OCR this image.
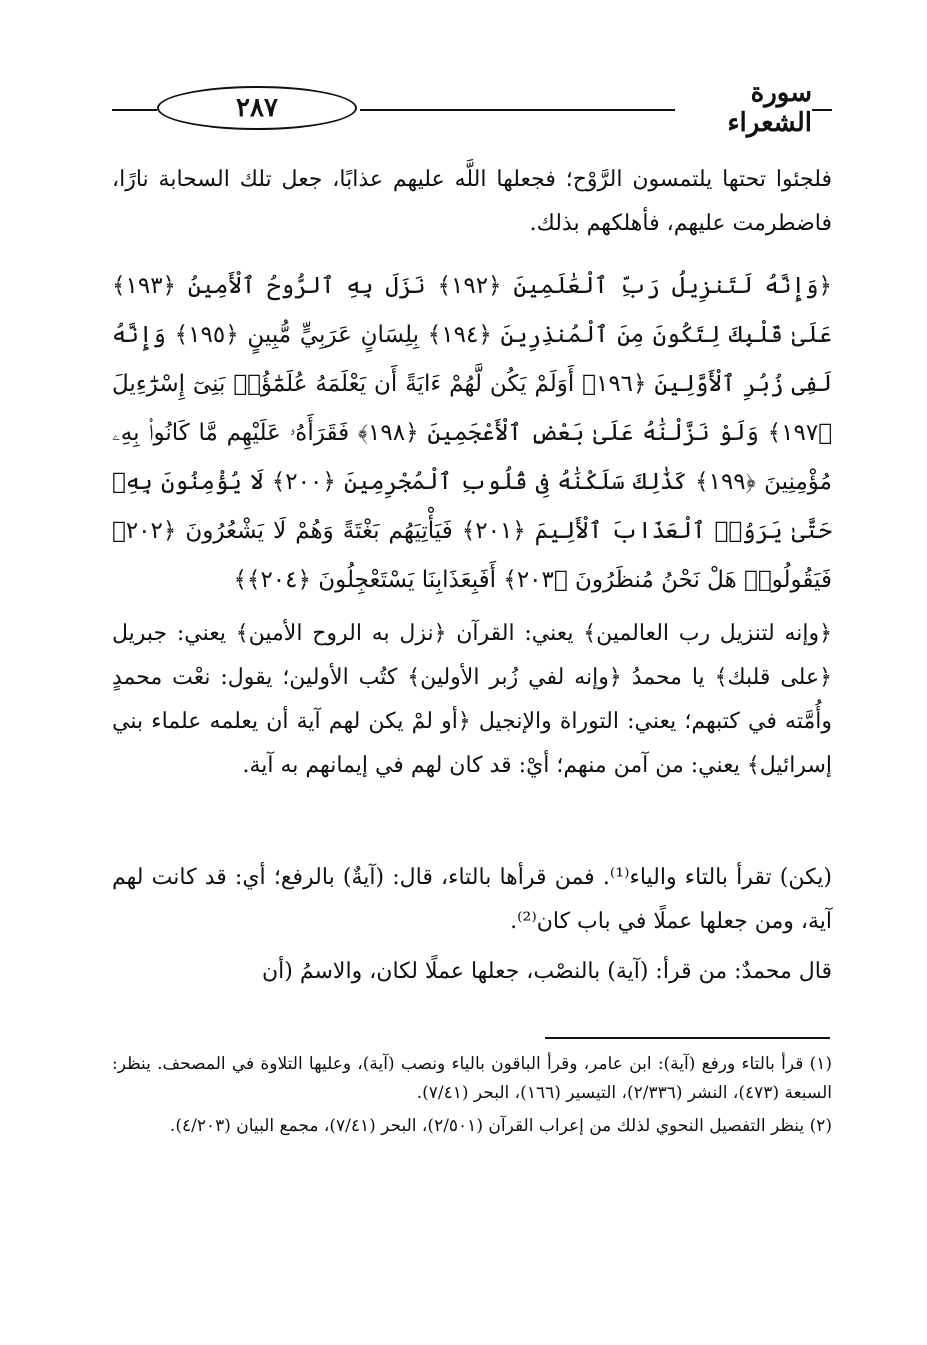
٢٨٧	سورة الشعراء
فلجئوا تحتها يلتمسون الرَّوْح؛ فجعلها اللَّه عليهم عذابًا، جعل تلك السحابة نارًا، فاضطرمت عليهم، فأهلكهم بذلك.
﴿وَإِنَّهُ لَتَنزِيلُ رَبِّ ٱلْعَٰلَمِينَ ﴿١٩٢﴾ نَزَلَ بِهِ ٱلرُّوحُ ٱلْأَمِينُ ﴿١٩٣﴾ عَلَىٰ قَلْبِكَ لِتَكُونَ مِنَ ٱلْمُنذِرِينَ ﴿١٩٤﴾ بِلِسَانٍ عَرَبِيٍّ مُّبِينٍ ﴿١٩٥﴾ وَإِنَّهُ لَفِى زُبُرِ ٱلْأَوَّلِينَ ﴿١٩٦﴾ أَوَلَمْ يَكُن لَّهُمْ ءَايَةً أَن يَعْلَمَهُ عُلَمَٰٓؤُا۟ بَنِىٓ إِسْرَٰٓءِيلَ ﴿١٩٧﴾ وَلَوْ نَزَّلْنَٰهُ عَلَىٰ بَعْضِ ٱلْأَعْجَمِينَ ﴿١٩٨﴾ فَقَرَأَهُۥ عَلَيْهِم مَّا كَانُوا۟ بِهِۦ مُؤْمِنِينَ ﴿١٩٩﴾ كَذَٰلِكَ سَلَكْنَٰهُ فِى قُلُوبِ ٱلْمُجْرِمِينَ ﴿٢٠٠﴾ لَا يُؤْمِنُونَ بِهِۦ حَتَّىٰ يَرَوُا۟ ٱلْعَذَابَ ٱلْأَلِيمَ ﴿٢٠١﴾ فَيَأْتِيَهُم بَغْتَةً وَهُمْ لَا يَشْعُرُونَ ﴿٢٠٢﴾ فَيَقُولُوا۟ هَلْ نَحْنُ مُنظَرُونَ ﴿٢٠٣﴾ أَفَبِعَذَابِنَا يَسْتَعْجِلُونَ ﴿٢٠٤﴾﴾
﴿وإنه لتنزيل رب العالمين﴾ يعني: القرآن ﴿نزل به الروح الأمين﴾ يعني: جبريل ﴿على قلبك﴾ يا محمدُ ﴿وإنه لفي زُبر الأولين﴾ كتُب الأولين؛ يقول: نعْت محمدٍ وأُمَّته في كتبهم؛ يعني: التوراة والإنجيل ﴿أو لمْ يكن لهم آية أن يعلمه علماء بني إسرائيل﴾ يعني: من آمن منهم؛ أيْ: قد كان لهم في إيمانهم به آية.
(يكن) تقرأ بالتاء والياء⁽¹⁾. فمن قرأها بالتاء، قال: (آيةٌ) بالرفع؛ أي: قد كانت لهم آية، ومن جعلها عملًا في باب كان⁽²⁾.
قال محمدٌ: من قرأ: (آية) بالنصْب، جعلها عملًا لكان، والاسمُ (أن

(١) قرأ بالتاء ورفع (آية): ابن عامر، وقرأ الباقون بالياء ونصب (آية)، وعليها التلاوة في المصحف. ينظر: السبعة (٤٧٣)، النشر (٢/٣٣٦)، التيسير (١٦٦)، البحر (٧/٤١).

(٢) ينظر التفصيل النحوي لذلك من إعراب القرآن (٢/٥٠١)، البحر (٧/٤١)، مجمع البيان (٤/٢٠٣).
